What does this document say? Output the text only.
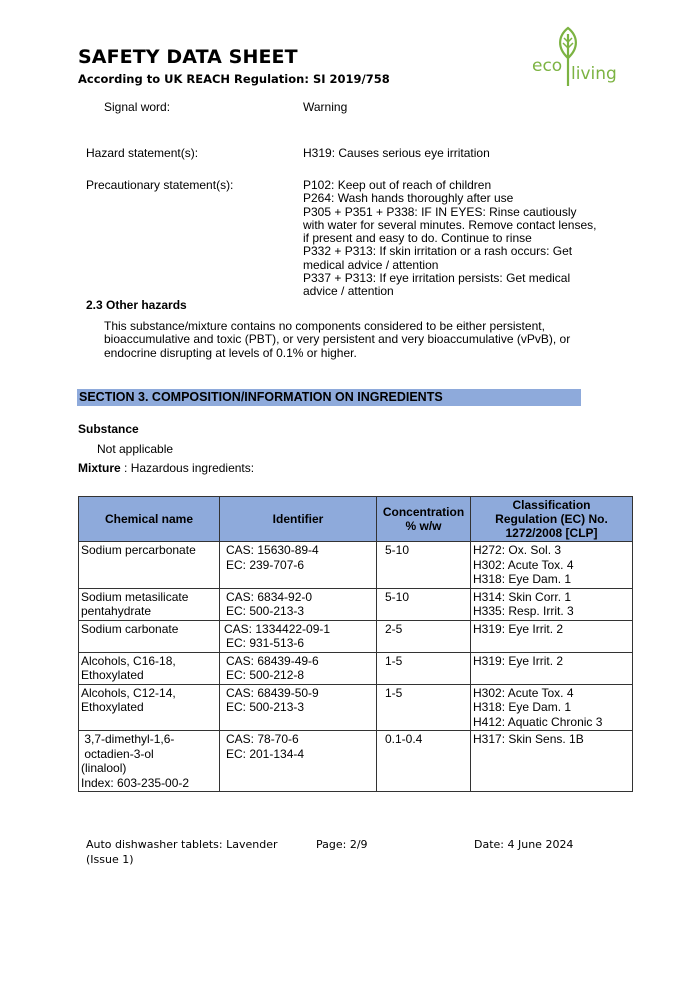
SAFETY DATA SHEET
According to UK REACH Regulation: SI 2019/758
eco living
Signal word:	Warning
Hazard statement(s):	H319: Causes serious eye irritation
Precautionary statement(s):	P102: Keep out of reach of children
P264: Wash hands thoroughly after use
P305 + P351 + P338: IF IN EYES: Rinse cautiously
with water for several minutes. Remove contact lenses,
if present and easy to do. Continue to rinse
P332 + P313: If skin irritation or a rash occurs: Get
medical advice / attention
P337 + P313: If eye irritation persists: Get medical
advice / attention
2.3 Other hazards
This substance/mixture contains no components considered to be either persistent,
bioaccumulative and toxic (PBT), or very persistent and very bioaccumulative (vPvB), or
endocrine disrupting at levels of 0.1% or higher.
SECTION 3. COMPOSITION/INFORMATION ON INGREDIENTS
Substance
Not applicable
Mixture : Hazardous ingredients:
Chemical name	Identifier	Concentration
% w/w	Classification
Regulation (EC) No.
1272/2008 [CLP]

Sodium percarbonate	CAS: 15630-89-4
EC: 239-707-6	5-10	H272: Ox. Sol. 3
H302: Acute Tox. 4
H318: Eye Dam. 1

Sodium metasilicate
pentahydrate	CAS: 6834-92-0
EC: 500-213-3	5-10	H314: Skin Corr. 1
H335: Resp. Irrit. 3

Sodium carbonate	CAS: 1334422-09-1
EC: 931-513-6	2-5	H319: Eye Irrit. 2

Alcohols, C16-18,
Ethoxylated	CAS: 68439-49-6
EC: 500-212-8	1-5	H319: Eye Irrit. 2

Alcohols, C12-14,
Ethoxylated	CAS: 68439-50-9
EC: 500-213-3	1-5	H302: Acute Tox. 4
H318: Eye Dam. 1
H412: Aquatic Chronic 3

3,7-dimethyl-1,6-
octadien-3-ol
(linalool)
Index: 603-235-00-2	CAS: 78-70-6
EC: 201-134-4	0.1-0.4	H317: Skin Sens. 1B
Auto dishwasher tablets: Lavender
(Issue 1)
Page: 2/9	Date: 4 June 2024
